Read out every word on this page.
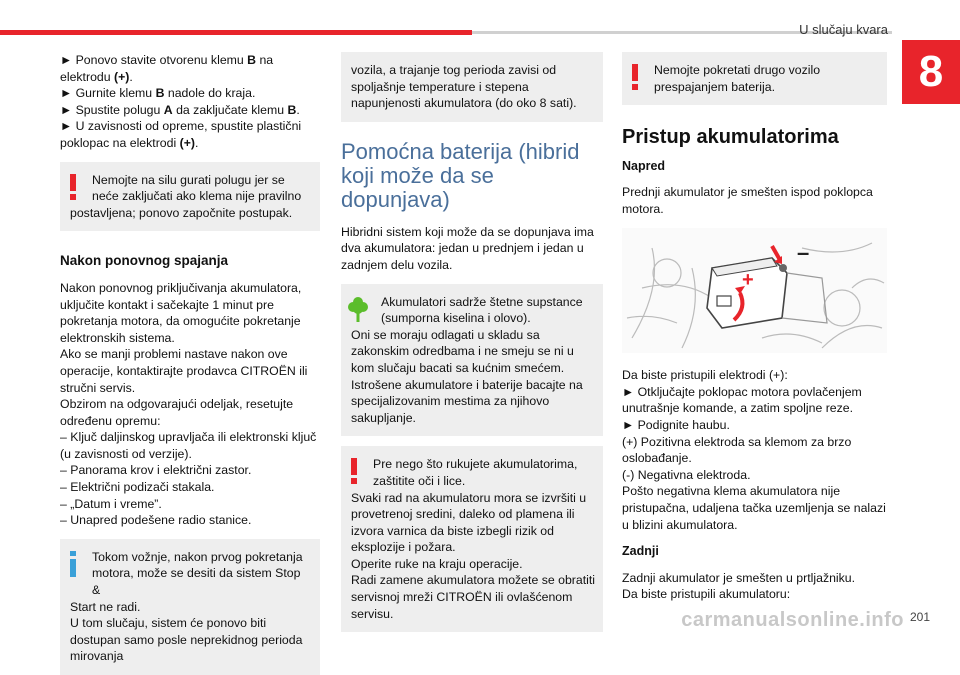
U slučaju kvara
8

► Ponovo stavite otvorenu klemu B na elektrodu (+).

► Gurnite klemu B nadole do kraja.

► Spustite polugu A da zaključate klemu B.

► U zavisnosti od opreme, spustite plastični poklopac na elektrodi (+).

Nemojte na silu gurati polugu jer se neće zaključati ako klema nije pravilno

postavljena; ponovo započnite postupak.

Nakon ponovnog spajanja

Nakon ponovnog priključivanja akumulatora, uključite kontakt i sačekajte 1 minut pre pokretanja motora, da omogućite pokretanje elektronskih sistema.

Ako se manji problemi nastave nakon ove operacije, kontaktirajte prodavca CITROËN ili stručni servis.

Obzirom na odgovarajući odeljak, resetujte određenu opremu:

– Ključ daljinskog upravljača ili elektronski ključ (u zavisnosti od verzije).

– Panorama krov i električni zastor.

– Električni podizači stakala.

– „Datum i vreme”.

– Unapred podešene radio stanice.

Tokom vožnje, nakon prvog pokretanja motora, može se desiti da sistem Stop &

Start ne radi.

U tom slučaju, sistem će ponovo biti dostupan samo posle neprekidnog perioda mirovanja

vozila, a trajanje tog perioda zavisi od spoljašnje temperature i stepena napunjenosti akumulatora (do oko 8 sati).

Pomoćna baterija (hibrid koji može da se dopunjava)

Hibridni sistem koji može da se dopunjava ima dva akumulatora: jedan u prednjem i jedan u zadnjem delu vozila.

Akumulatori sadrže štetne supstance (sumporna kiselina i olovo).

Oni se moraju odlagati u skladu sa zakonskim odredbama i ne smeju se ni u kom slučaju bacati sa kućnim smećem.

Istrošene akumulatore i baterije bacajte na specijalizovanim mestima za njihovo sakupljanje.

Pre nego što rukujete akumulatorima, zaštitite oči i lice.

Svaki rad na akumulatoru mora se izvršiti u provetrenoj sredini, daleko od plamena ili izvora varnica da biste izbegli rizik od eksplozije i požara.

Operite ruke na kraju operacije.

Radi zamene akumulatora možete se obratiti servisnoj mreži CITROËN ili ovlašćenom servisu.

Nemojte pokretati drugo vozilo prespajanjem baterija.

Pristup akumulatorima
Napred

Prednji akumulator je smešten ispod poklopca motora.

+
–

Da biste pristupili elektrodi (+):

► Otključajte poklopac motora povlačenjem unutrašnje komande, a zatim spoljne reze.

► Podignite haubu.

(+) Pozitivna elektroda sa klemom za brzo oslobađanje.

(-) Negativna elektroda.

Pošto negativna klema akumulatora nije pristupačna, udaljena tačka uzemljenja se nalazi u blizini akumulatora.

Zadnji

Zadnji akumulator je smešten u prtljažniku.

Da biste pristupili akumulatoru:

carmanualsonline.info 201
